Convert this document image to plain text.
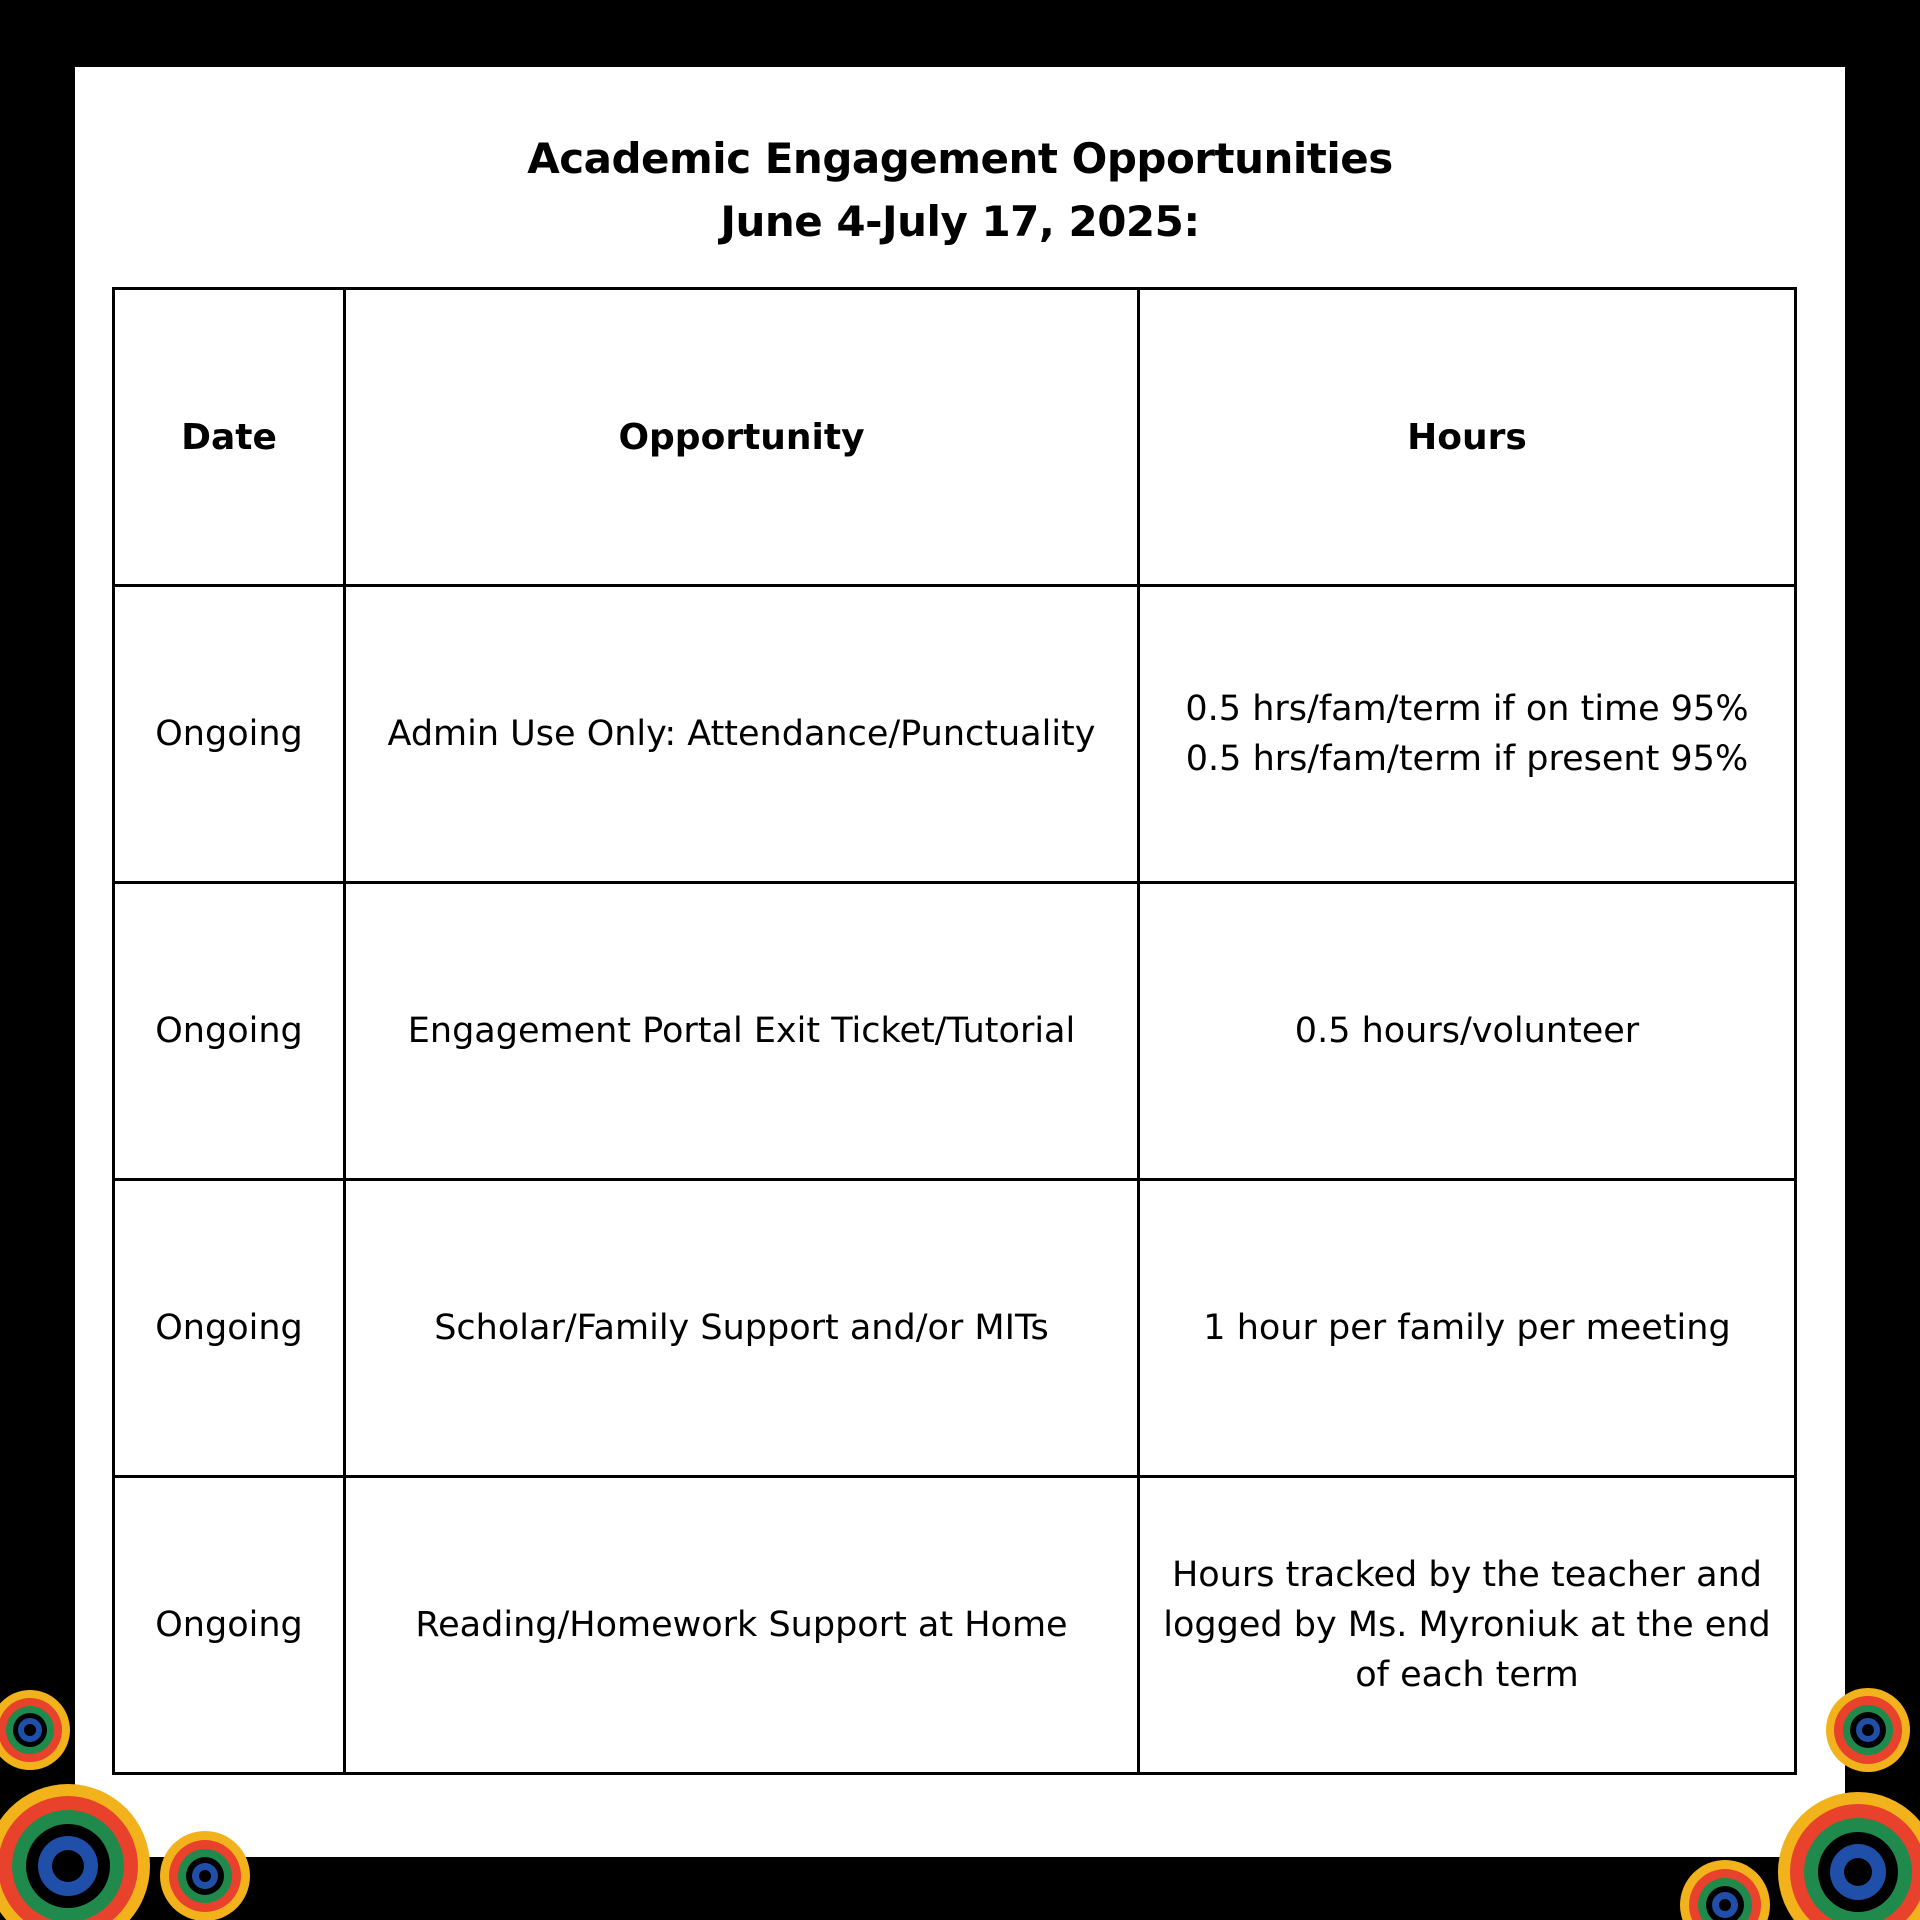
Academic Engagement Opportunities
June 4-July 17, 2025:
Date	Opportunity	Hours
Ongoing	Admin Use Only: Attendance/Punctuality	0.5 hrs/fam/term if on time 95%
0.5 hrs/fam/term if present 95%

Ongoing	Engagement Portal Exit Ticket/Tutorial	0.5 hours/volunteer

Ongoing	Scholar/Family Support and/or MITs	1 hour per family per meeting

Ongoing	Reading/Homework Support at Home	Hours tracked by the teacher and
logged by Ms. Myroniuk at the end
of each term
